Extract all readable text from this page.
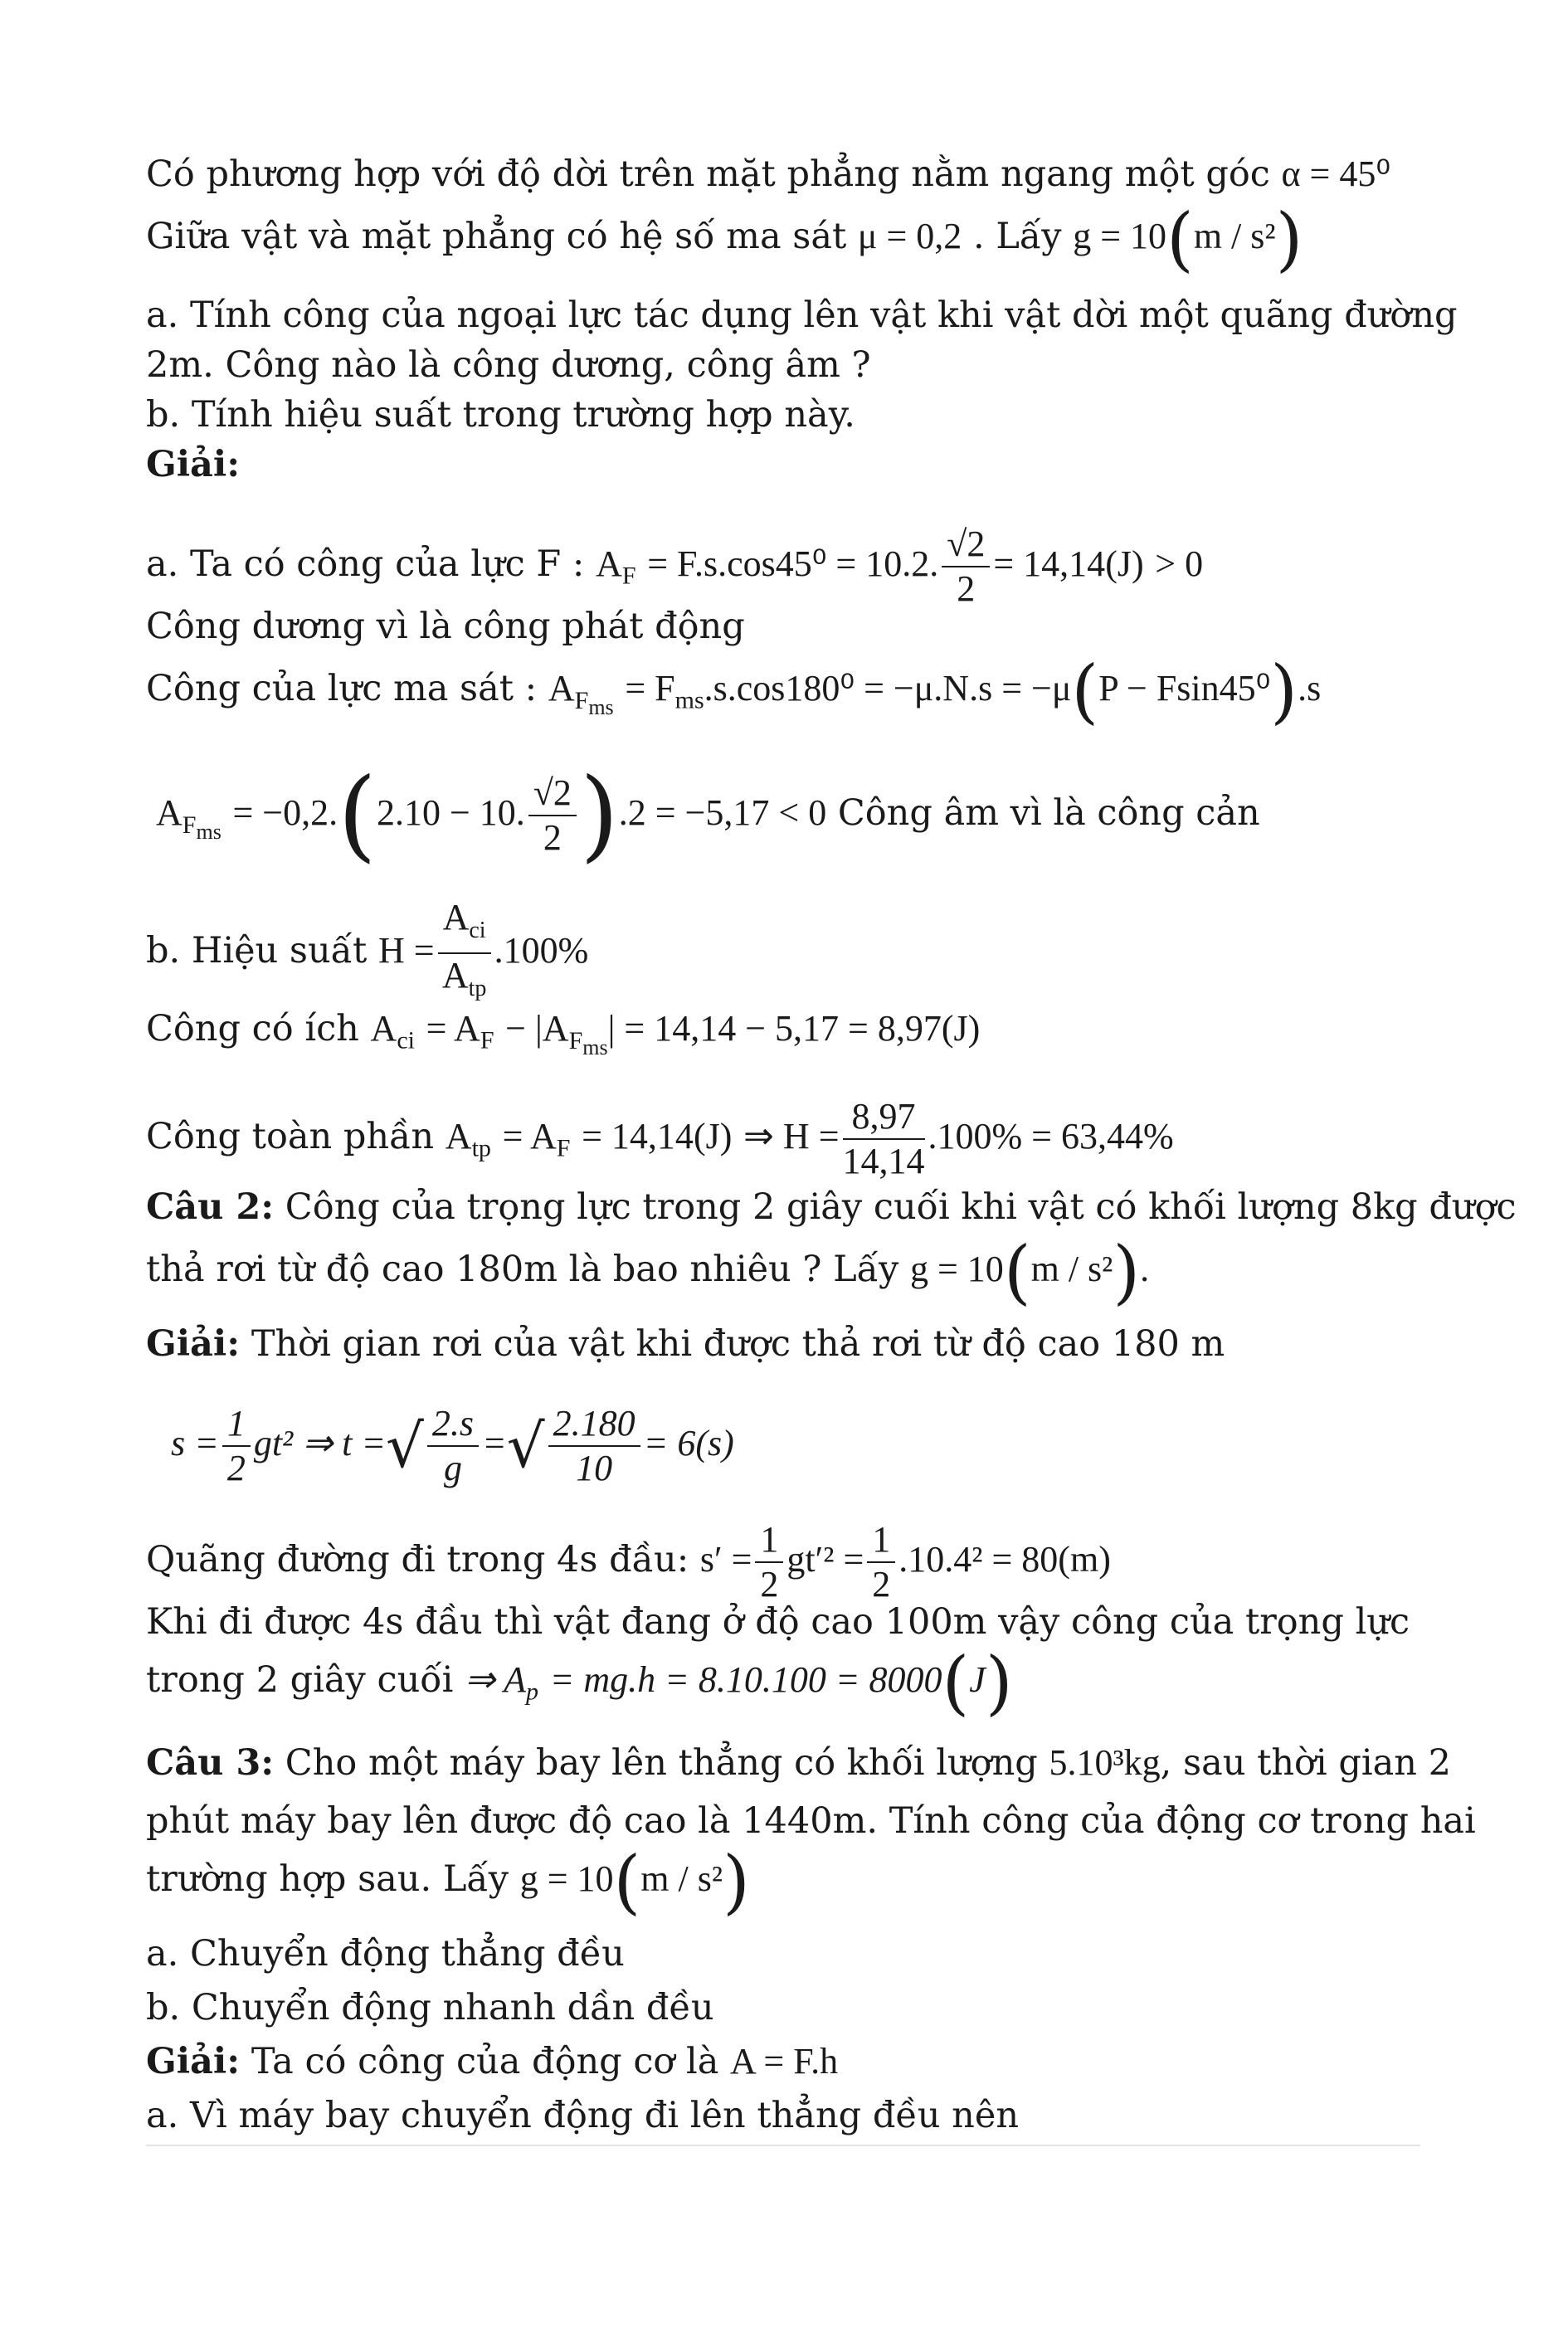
Có phương hợp với độ dời trên mặt phẳng nằm ngang một góc α = 45⁰
Giữa vật và mặt phẳng có hệ số ma sát μ = 0,2 . Lấy g = 10(m / s²)
a. Tính công của ngoại lực tác dụng lên vật khi vật dời một quãng đường
2m. Công nào là công dương, công âm ?
b. Tính hiệu suất trong trường hợp này.
Giải:
a. Ta có công của lực F : $A_F = F.s.\cos 45^0 = 10.2$. $\frac{√2}{2} = 14,14(J) > 0$
Công dương vì là công phát động
Công của lực ma sát : $A_{F_{ms}} = F_{ms}.s.\cos 180^0 = -\mu.N.s = -\mu(P - Fsin45^0).s$
$A_{F_{ms}} = -0,2.(2.10 - 10$. $\frac{√2}{2} ).2 = -5,17 < 0$ Công âm vì là công cản
b. Hiệu suất $H = \frac{A_{ci}}{A_{tp}} .100\%$
Công có ích $A_{ci} = A_F - |A_{F_{ms}}| = 14,14 - 5,17 = 8,97(J)$
Công toàn phần $A_{tp} = A_F = 14,14(J)$ ⇒ $H = \frac{8,97}{14,14} .100\% = 63,44\%$
Câu 2: Công của trọng lực trong 2 giây cuối khi vật có khối lượng 8kg được
thả rơi từ độ cao 180m là bao nhiêu ? Lấy g = 10(m / s²).
Giải: Thời gian rơi của vật khi được thả rơi từ độ cao 180 m
$s = \frac{1}{2} gt^2$ ⇒ t =√ $\frac{2.s}{g}$ =√ $\frac{2.180}{10} = 6(s)$
Quãng đường đi trong 4s đầu: $s' = \frac{1}{2} gt'^2 = \frac{1}{2} .10.4^2 = 80(m)$
Khi đi được 4s đầu thì vật đang ở độ cao 100m vậy công của trọng lực
trong 2 giây cuối ⇒ $A_p = mg.h = 8.10.100 = 8000(J)$
Câu 3: Cho một máy bay lên thẳng có khối lượng 5.10³kg, sau thời gian 2
phút máy bay lên được độ cao là 1440m. Tính công của động cơ trong hai
trường hợp sau. Lấy g = 10(m / s²)
a. Chuyển động thẳng đều
b. Chuyển động nhanh dần đều
Giải: Ta có công của động cơ là A = F.h
a. Vì máy bay chuyển động đi lên thẳng đều nên
